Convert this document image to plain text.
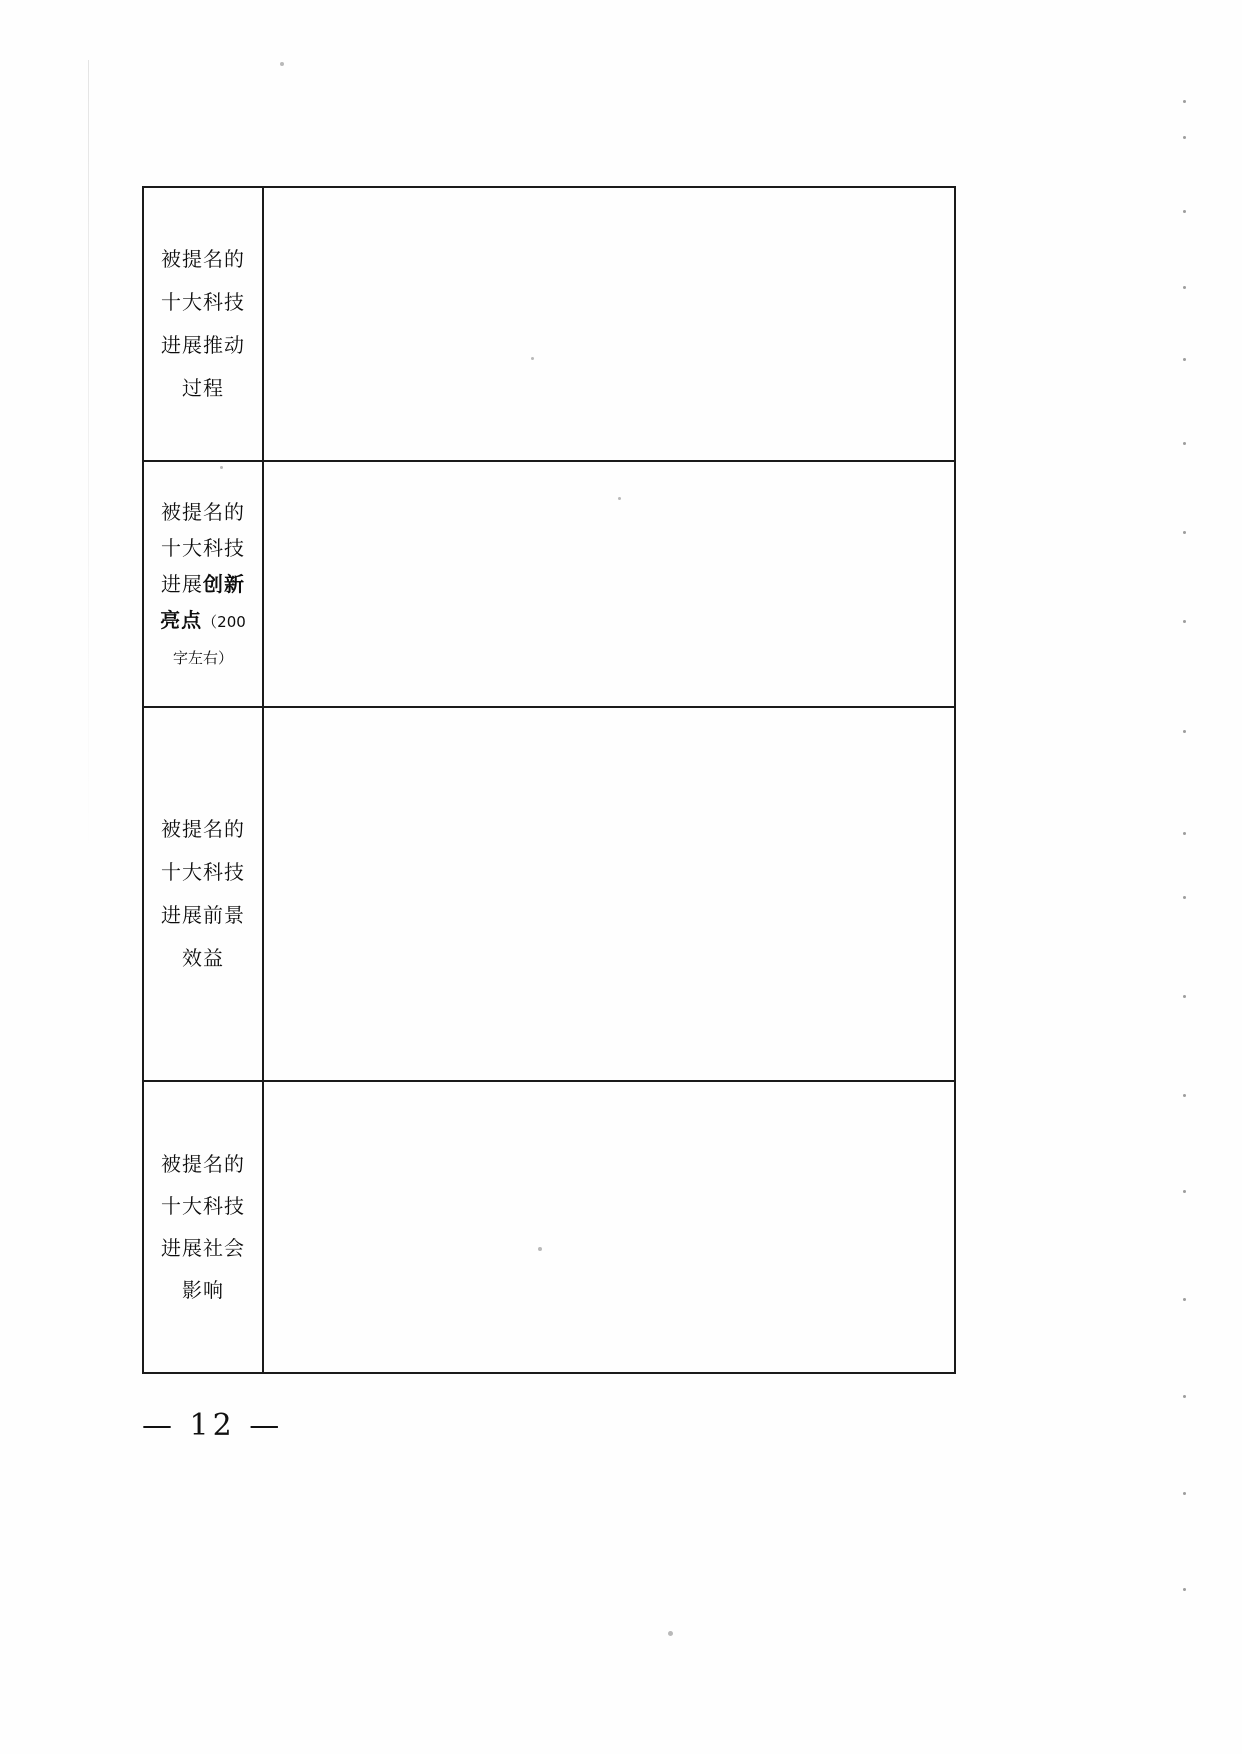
被提名的
十大科技
进展推动
过程	

被提名的
十大科技
进展创新
亮点（200
字左右）	

被提名的
十大科技
进展前景
效益	

被提名的
十大科技
进展社会
影响	

— 12 —
